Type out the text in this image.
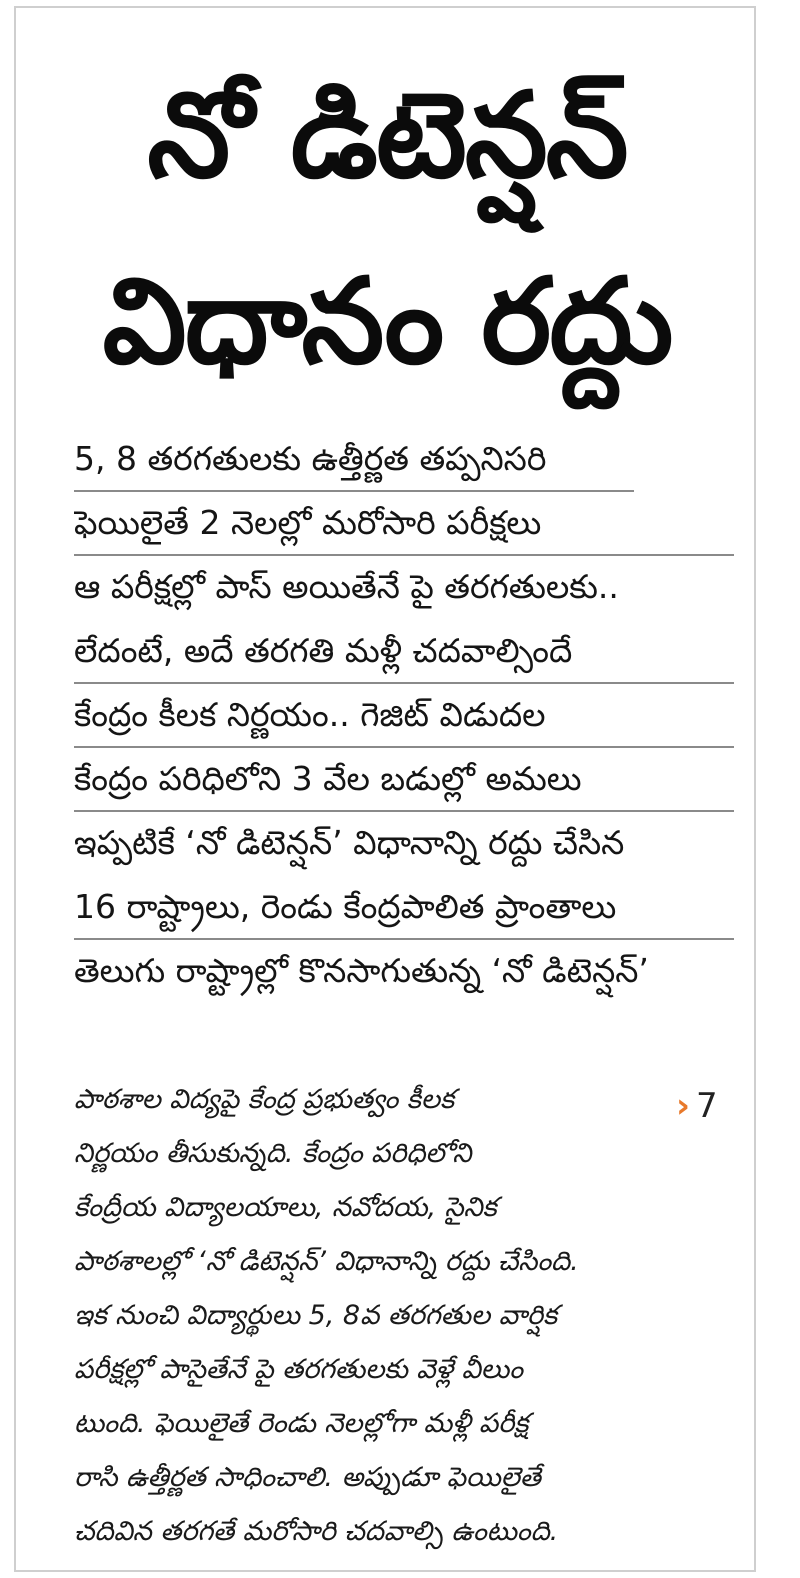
నో డిటెన్షన్
విధానం రద్దు
5, 8 తరగతులకు ఉత్తీర్ణత తప్పనిసరి
ఫెయిలైతే 2 నెలల్లో మరోసారి పరీక్షలు
ఆ పరీక్షల్లో పాస్ అయితేనే పై తరగతులకు..
లేదంటే, అదే తరగతి మళ్లీ చదవాల్సిందే
కేంద్రం కీలక నిర్ణయం.. గెజిట్ విడుదల
కేంద్రం పరిధిలోని 3 వేల బడుల్లో అమలు
ఇప్పటికే ‘నో డిటెన్షన్’ విధానాన్ని రద్దు చేసిన
16 రాష్ట్రాలు, రెండు కేంద్రపాలిత ప్రాంతాలు
తెలుగు రాష్ట్రాల్లో కొనసాగుతున్న ‘నో డిటెన్షన్’
పాఠశాల విద్యపై కేంద్ర ప్రభుత్వం కీలక
నిర్ణయం తీసుకున్నది. కేంద్రం పరిధిలోని
కేంద్రీయ విద్యాలయాలు, నవోదయ, సైనిక
పాఠశాలల్లో ‘నో డిటెన్షన్’ విధానాన్ని రద్దు చేసింది.
ఇక నుంచి విద్యార్థులు 5, 8వ తరగతుల వార్షిక
పరీక్షల్లో పాసైతేనే పై తరగతులకు వెళ్లే వీలుం
టుంది. ఫెయిలైతే రెండు నెలల్లోగా మళ్లీ పరీక్ష
రాసి ఉత్తీర్ణత సాధించాలి. అప్పుడూ ఫెయిలైతే
చదివిన తరగతే మరోసారి చదవాల్సి ఉంటుంది.
› 7
